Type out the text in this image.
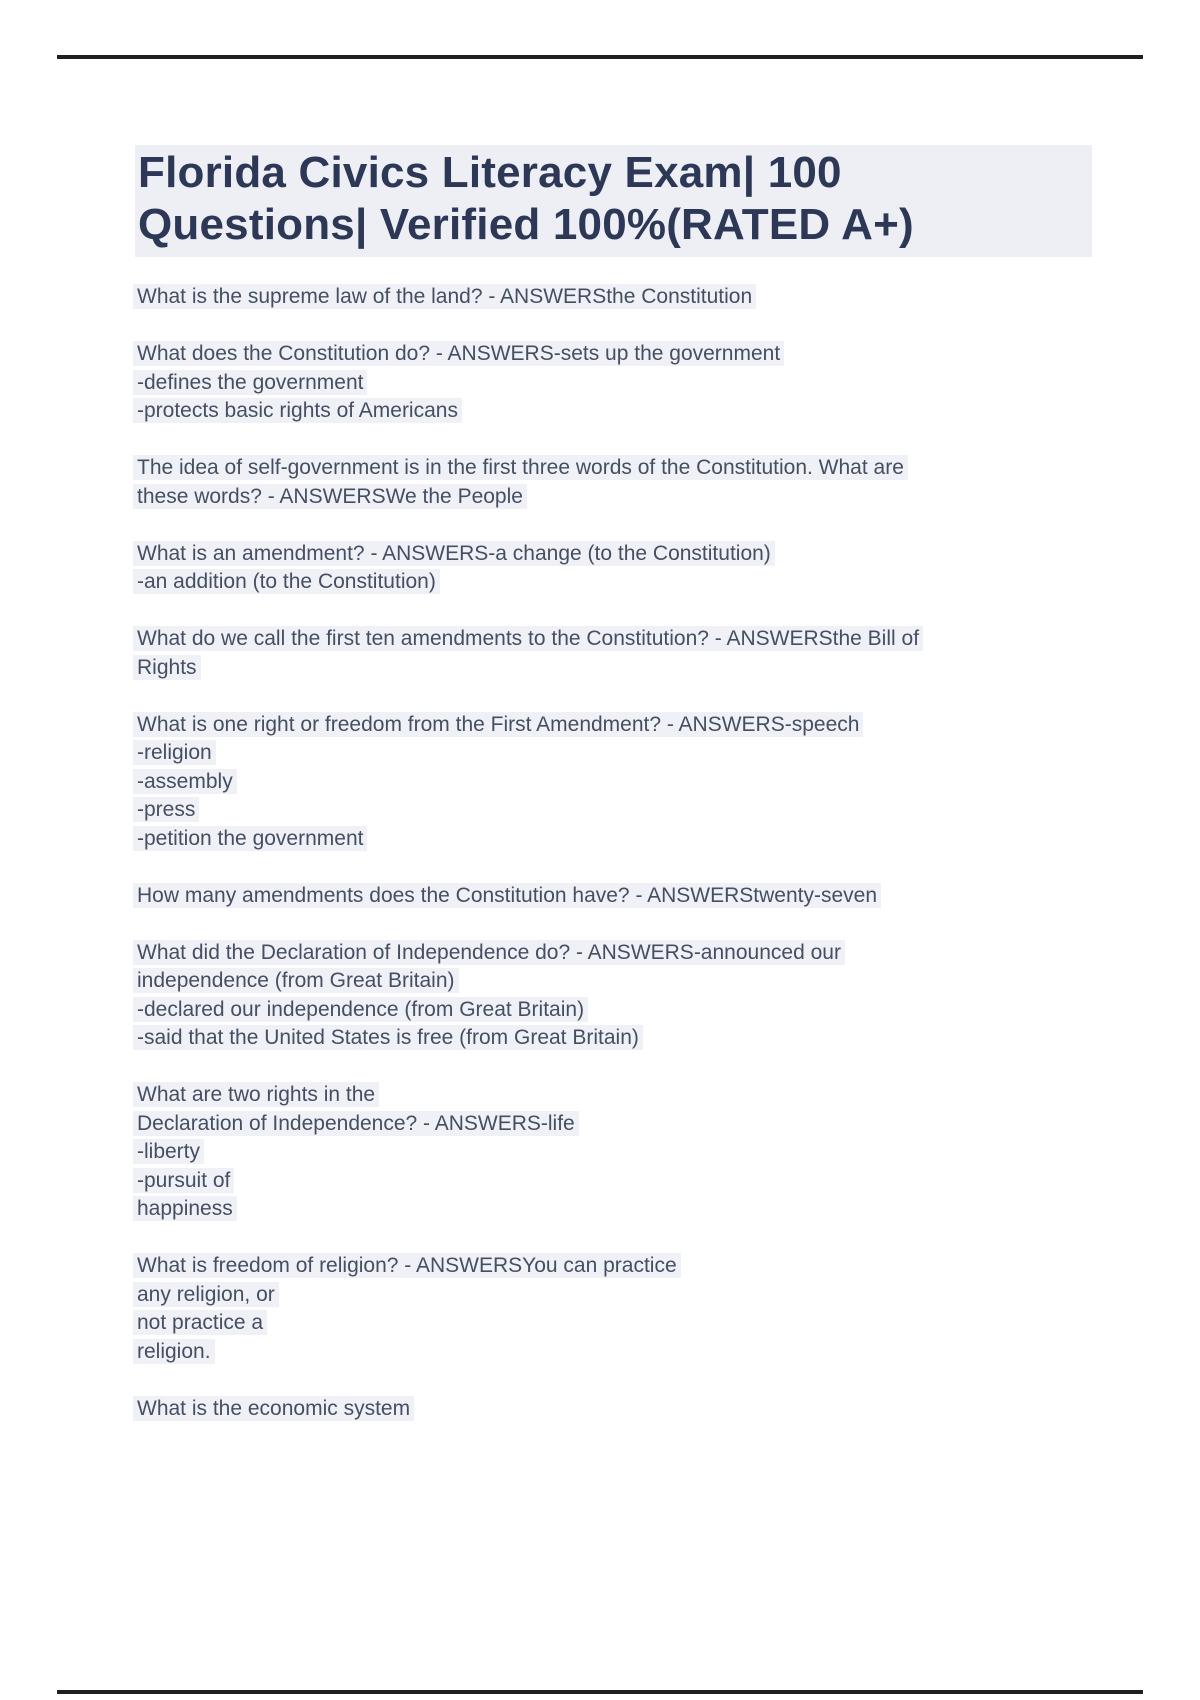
Florida Civics Literacy Exam| 100
Questions| Verified 100%(RATED A+)
What is the supreme law of the land? - ANSWERSthe Constitution
What does the Constitution do? - ANSWERS-sets up the government
-defines the government
-protects basic rights of Americans
The idea of self-government is in the first three words of the Constitution. What are
these words? - ANSWERSWe the People
What is an amendment? - ANSWERS-a change (to the Constitution)
-an addition (to the Constitution)
What do we call the first ten amendments to the Constitution? - ANSWERSthe Bill of
Rights
What is one right or freedom from the First Amendment? - ANSWERS-speech
-religion
-assembly
-press
-petition the government
How many amendments does the Constitution have? - ANSWERStwenty-seven
What did the Declaration of Independence do? - ANSWERS-announced our
independence (from Great Britain)
-declared our independence (from Great Britain)
-said that the United States is free (from Great Britain)
What are two rights in the
Declaration of Independence? - ANSWERS-life
-liberty
-pursuit of
happiness
What is freedom of religion? - ANSWERSYou can practice
any religion, or
not practice a
religion.
What is the economic system
